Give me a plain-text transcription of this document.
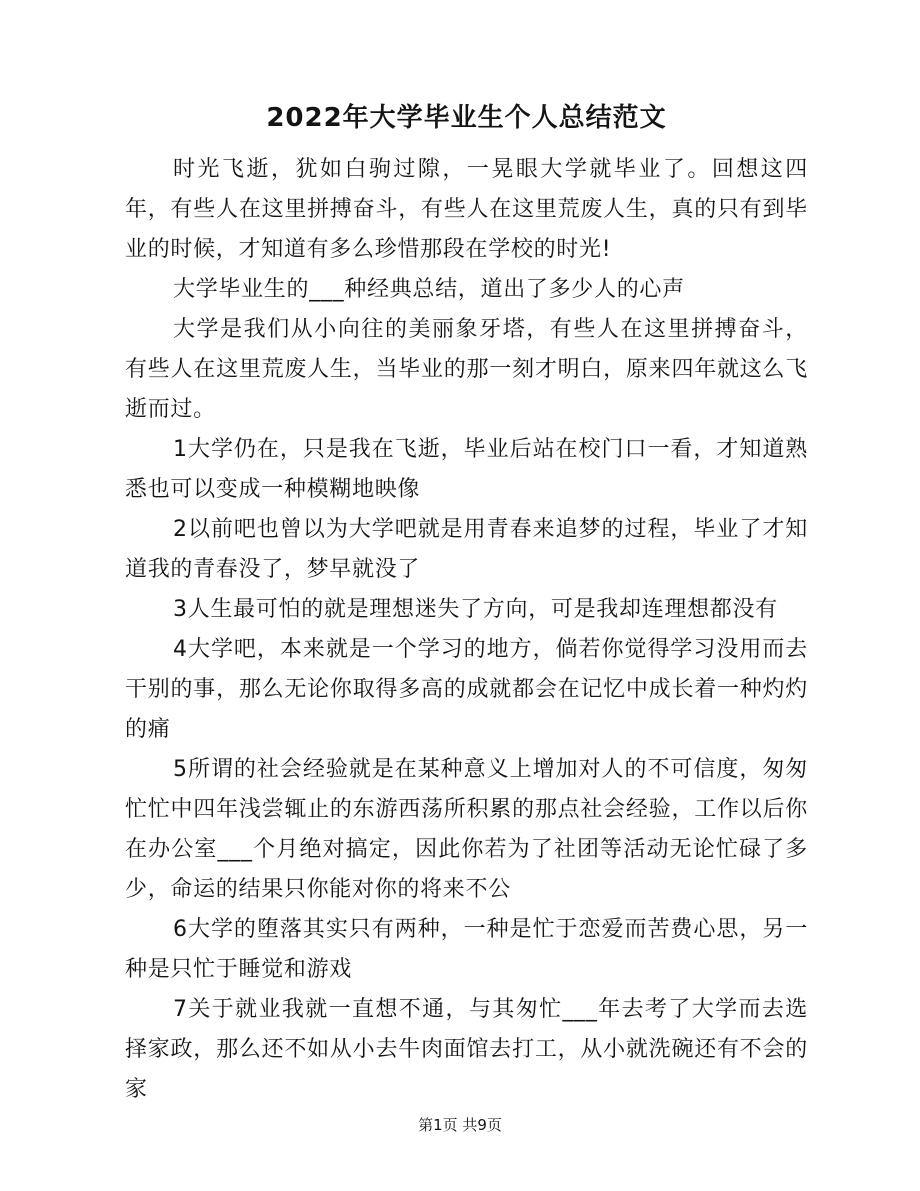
2022年大学毕业生个人总结范文

时光飞逝，犹如白驹过隙，一晃眼大学就毕业了。回想这四年，有些人在这里拼搏奋斗，有些人在这里荒废人生，真的只有到毕业的时候，才知道有多么珍惜那段在学校的时光!

大学毕业生的___种经典总结，道出了多少人的心声

大学是我们从小向往的美丽象牙塔，有些人在这里拼搏奋斗，有些人在这里荒废人生，当毕业的那一刻才明白，原来四年就这么飞逝而过。

1大学仍在，只是我在飞逝，毕业后站在校门口一看，才知道熟悉也可以变成一种模糊地映像

2以前吧也曾以为大学吧就是用青春来追梦的过程，毕业了才知道我的青春没了，梦早就没了

3人生最可怕的就是理想迷失了方向，可是我却连理想都没有

4大学吧，本来就是一个学习的地方，倘若你觉得学习没用而去干别的事，那么无论你取得多高的成就都会在记忆中成长着一种灼灼的痛

5所谓的社会经验就是在某种意义上增加对人的不可信度，匆匆忙忙中四年浅尝辄止的东游西荡所积累的那点社会经验，工作以后你在办公室___个月绝对搞定，因此你若为了社团等活动无论忙碌了多少，命运的结果只你能对你的将来不公

6大学的堕落其实只有两种，一种是忙于恋爱而苦费心思，另一种是只忙于睡觉和游戏

7关于就业我就一直想不通，与其匆忙___年去考了大学而去选择家政，那么还不如从小去牛肉面馆去打工，从小就洗碗还有不会的家

第1页 共9页
